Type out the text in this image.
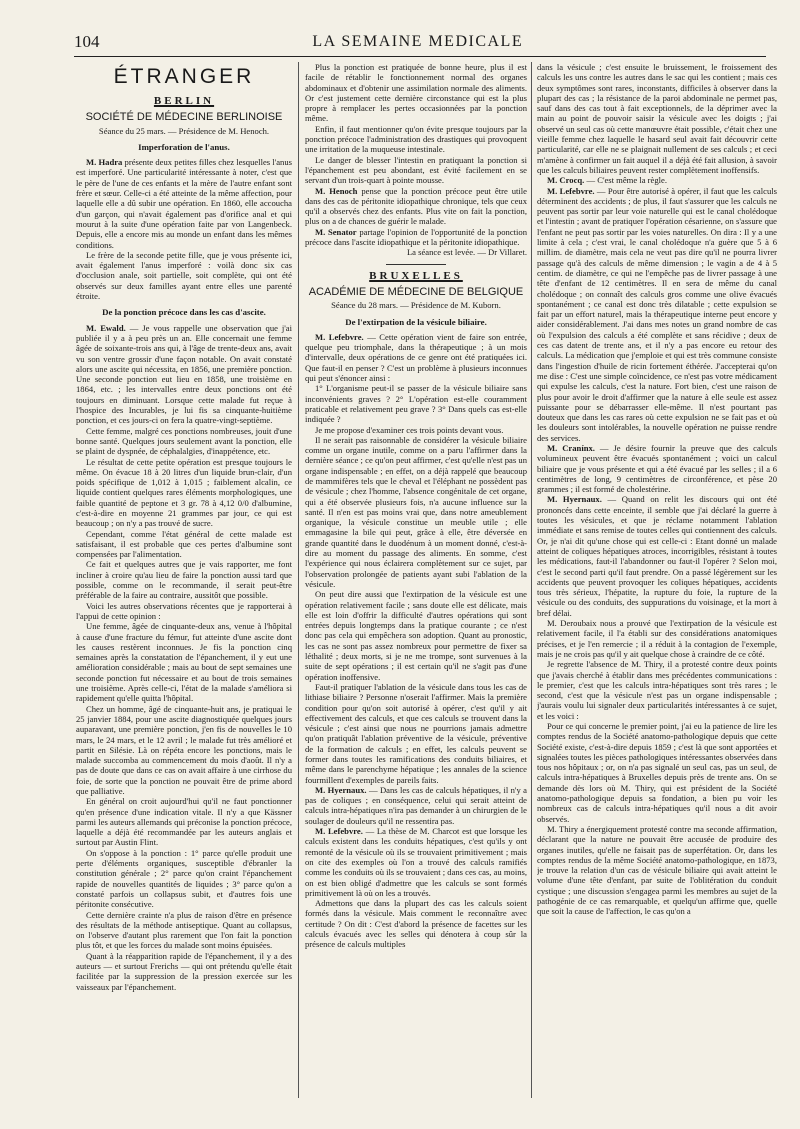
104	LA SEMAINE MEDICALE
ÉTRANGER
BERLIN
SOCIÉTÉ DE MÉDECINE BERLINOISE
Séance du 25 mars. — Présidence de M. Henoch.
Imperforation de l'anus.

M. Hadra présente deux petites filles chez lesquelles l'anus est imperforé. Une particularité intéressante à noter, c'est que le père de l'une de ces enfants et la mère de l'autre enfant sont frère et sœur. Celle-ci a été atteinte de la même affection, pour laquelle elle a dû subir une opération. En 1860, elle accoucha d'un garçon, qui n'avait également pas d'orifice anal et qui mourut à la suite d'une opération faite par von Langenbeck. Depuis, elle a encore mis au monde un enfant dans les mêmes conditions.

Le frère de la seconde petite fille, que je vous présente ici, avait également l'anus imperforé : voilà donc six cas d'occlusion anale, soit partielle, soit complète, qui ont été observés sur deux familles ayant entre elles une parenté étroite.

De la ponction précoce dans les cas d'ascite.

M. Ewald. — Je vous rappelle une observation que j'ai publiée il y a à peu près un an. Elle concernait une femme âgée de soixante-trois ans qui, à l'âge de trente-deux ans, avait vu son ventre grossir d'une façon notable. On avait constaté alors une ascite qui nécessita, en 1856, une première ponction. Une seconde ponction eut lieu en 1858, une troisième en 1864, etc. ; les intervalles entre deux ponctions ont été toujours en diminuant. Lorsque cette malade fut reçue à l'hospice des Incurables, je lui fis sa cinquante-huitième ponction, et ces jours-ci on fera la quatre-vingt-septième.

Cette femme, malgré ces ponctions nombreuses, jouit d'une bonne santé. Quelques jours seulement avant la ponction, elle se plaint de dyspnée, de céphalalgies, d'inappétence, etc.

Le résultat de cette petite opération est presque toujours le même. On évacue 18 à 20 litres d'un liquide brun-clair, d'un poids spécifique de 1,012 à 1,015 ; faiblement alcalin, ce liquide contient quelques rares éléments morphologiques, une faible quantité de peptone et 3 gr. 78 à 4,12 0/0 d'albumine, c'est-à-dire en moyenne 21 grammes par jour, ce qui est beaucoup ; on n'y a pas trouvé de sucre.

Cependant, comme l'état général de cette malade est satisfaisant, il est probable que ces pertes d'albumine sont compensées par l'alimentation.

Ce fait et quelques autres que je vais rapporter, me font incliner à croire qu'au lieu de faire la ponction aussi tard que possible, comme on le recommande, il serait peut-être préférable de la faire au contraire, aussitôt que possible.

Voici les autres observations récentes que je rapporterai à l'appui de cette opinion :

Une femme, âgée de cinquante-deux ans, venue à l'hôpital à cause d'une fracture du fémur, fut atteinte d'une ascite dont les causes restèrent inconnues. Je fis la ponction cinq semaines après la constatation de l'épanchement, il y eut une amélioration considérable ; mais au bout de sept semaines une seconde ponction fut nécessaire et au bout de trois semaines une troisième. Après celle-ci, l'état de la malade s'améliora si rapidement qu'elle quitta l'hôpital.

Chez un homme, âgé de cinquante-huit ans, je pratiquai le 25 janvier 1884, pour une ascite diagnostiquée quelques jours auparavant, une première ponction, j'en fis de nouvelles le 10 mars, le 24 mars, et le 12 avril ; le malade fut très amélioré et partit en Silésie. Là on répéta encore les ponctions, mais le malade succomba au commencement du mois d'août. Il n'y a pas de doute que dans ce cas on avait affaire à une cirrhose du foie, de sorte que la ponction ne pouvait être de prime abord que palliative.

En général on croit aujourd'hui qu'il ne faut ponctionner qu'en présence d'une indication vitale. Il n'y a que Kässner parmi les auteurs allemands qui préconise la ponction précoce, laquelle a déjà été recommandée par les auteurs anglais et surtout par Austin Flint.

On s'oppose à la ponction : 1° parce qu'elle produit une perte d'éléments organiques, susceptible d'ébranler la constitution générale ; 2° parce qu'on craint l'épanchement rapide de nouvelles quantités de liquides ; 3° parce qu'on a constaté parfois un collapsus subit, et d'autres fois une péritonite consécutive.

Cette dernière crainte n'a plus de raison d'être en présence des résultats de la méthode antiseptique. Quant au collapsus, on l'observe d'autant plus rarement que l'on fait la ponction plus tôt, et que les forces du malade sont moins épuisées.

Quant à la réapparition rapide de l'épanchement, il y a des auteurs — et surtout Frerichs — qui ont prétendu qu'elle était facilitée par la suppression de la pression exercée sur les vaisseaux par l'épanchement.

Plus la ponction est pratiquée de bonne heure, plus il est facile de rétablir le fonctionnement normal des organes abdominaux et d'obtenir une assimilation normale des aliments. Or c'est justement cette dernière circonstance qui est la plus propre à remplacer les pertes occasionnées par la ponction même.

Enfin, il faut mentionner qu'on évite presque toujours par la ponction précoce l'administration des drastiques qui provoquent une irritation de la muqueuse intestinale.

Le danger de blesser l'intestin en pratiquant la ponction si l'épanchement est peu abondant, est évité facilement en se servant d'un trois-quart à pointe mousse.

M. Henoch pense que la ponction précoce peut être utile dans des cas de péritonite idiopathique chronique, tels que ceux qu'il a observés chez des enfants. Plus vite on fait la ponction, plus on a de chances de guérir le malade.

M. Senator partage l'opinion de l'opportunité de la ponction précoce dans l'ascite idiopathique et la péritonite idiopathique.

La séance est levée. — Dr Villaret.

BRUXELLES
ACADÉMIE DE MÉDECINE DE BELGIQUE
Séance du 28 mars. — Présidence de M. Kuborn.
De l'extirpation de la vésicule biliaire.

M. Lefebvre. — Cette opération vient de faire son entrée, quelque peu triomphale, dans la thérapeutique ; à un mois d'intervalle, deux opérations de ce genre ont été pratiquées ici. Que faut-il en penser ? C'est un problème à plusieurs inconnues qui peut s'énoncer ainsi :

1° L'organisme peut-il se passer de la vésicule biliaire sans inconvénients graves ? 2° L'opération est-elle couramment praticable et relativement peu grave ? 3° Dans quels cas est-elle indiquée ?

Je me propose d'examiner ces trois points devant vous.

Il ne serait pas raisonnable de considérer la vésicule biliaire comme un organe inutile, comme on a paru l'affirmer dans la dernière séance ; ce qu'on peut affirmer, c'est qu'elle n'est pas un organe indispensable ; en effet, on a déjà rappelé que beaucoup de mammifères tels que le cheval et l'éléphant ne possèdent pas de vésicule ; chez l'homme, l'absence congénitale de cet organe, qui a été observée plusieurs fois, n'a aucune influence sur la santé. Il n'en est pas moins vrai que, dans notre ameublement organique, la vésicule constitue un meuble utile ; elle emmagasine la bile qui peut, grâce à elle, être déversée en grande quantité dans le duodénum à un moment donné, c'est-à-dire au moment du passage des aliments. En somme, c'est l'expérience qui nous éclairera complètement sur ce sujet, par l'observation prolongée de patients ayant subi l'ablation de la vésicule.

On peut dire aussi que l'extirpation de la vésicule est une opération relativement facile ; sans doute elle est délicate, mais elle est loin d'offrir la difficulté d'autres opérations qui sont entrées depuis longtemps dans la pratique courante ; ce n'est donc pas cela qui empêchera son adoption. Quant au pronostic, les cas ne sont pas assez nombreux pour permettre de fixer sa léthalité ; deux morts, si je ne me trompe, sont survenues à la suite de sept opérations ; il est certain qu'il ne s'agit pas d'une opération inoffensive.

Faut-il pratiquer l'ablation de la vésicule dans tous les cas de lithiase biliaire ? Personne n'oserait l'affirmer. Mais la première condition pour qu'on soit autorisé à opérer, c'est qu'il y ait effectivement des calculs, et que ces calculs se trouvent dans la vésicule ; c'est ainsi que nous ne pourrions jamais admettre qu'on pratiquât l'ablation préventive de la vésicule, préventive de la formation de calculs ; en effet, les calculs peuvent se former dans toutes les ramifications des conduits biliaires, et même dans le parenchyme hépatique ; les annales de la science fourmillent d'exemples de pareils faits.

M. Hyernaux. — Dans les cas de calculs hépatiques, il n'y a pas de coliques ; en conséquence, celui qui serait atteint de calculs intra-hépatiques n'ira pas demander à un chirurgien de le soulager de douleurs qu'il ne ressentira pas.

M. Lefebvre. — La thèse de M. Charcot est que lorsque les calculs existent dans les conduits hépatiques, c'est qu'ils y ont remonté de la vésicule où ils se trouvaient primitivement ; mais on cite des exemples où l'on a trouvé des calculs ramifiés comme les conduits où ils se trouvaient ; dans ces cas, au moins, on est bien obligé d'admettre que les calculs se sont formés primitivement là où on les a trouvés.

Admettons que dans la plupart des cas les calculs soient formés dans la vésicule. Mais comment le reconnaître avec certitude ? On dit : C'est d'abord la présence de facettes sur les calculs évacués avec les selles qui dénotera à coup sûr la présence de calculs multiples

dans la vésicule ; c'est ensuite le bruissement, le froissement des calculs les uns contre les autres dans le sac qui les contient ; mais ces deux symptômes sont rares, inconstants, difficiles à observer dans la plupart des cas ; la résistance de la paroi abdominale ne permet pas, sauf dans des cas tout à fait exceptionnels, de la déprimer avec la main au point de pouvoir saisir la vésicule avec les doigts ; j'ai observé un seul cas où cette manœuvre était possible, c'était chez une vieille femme chez laquelle le hasard seul avait fait découvrir cette particularité, car elle ne se plaignait nullement de ses calculs ; et ceci m'amène à confirmer un fait auquel il a déjà été fait allusion, à savoir que les calculs biliaires peuvent rester complètement inoffensifs.

M. Crocq. — C'est même la règle.

M. Lefebvre. — Pour être autorisé à opérer, il faut que les calculs déterminent des accidents ; de plus, il faut s'assurer que les calculs ne peuvent pas sortir par leur voie naturelle qui est le canal cholédoque et l'intestin ; avant de pratiquer l'opération césarienne, on s'assure que l'enfant ne peut pas sortir par les voies naturelles. On dira : Il y a une limite à cela ; c'est vrai, le canal cholédoque n'a guère que 5 à 6 millim. de diamètre, mais cela ne veut pas dire qu'il ne pourra livrer passage qu'à des calculs de même dimension ; le vagin a de 4 à 5 centim. de diamètre, ce qui ne l'empêche pas de livrer passage à une tête d'enfant de 12 centimètres. Il en sera de même du canal cholédoque ; on connaît des calculs gros comme une olive évacués spontanément ; ce canal est donc très dilatable ; cette expulsion se fait par un effort naturel, mais la thérapeutique interne peut encore y aider considérablement. J'ai dans mes notes un grand nombre de cas où l'expulsion des calculs a été complète et sans récidive ; deux de ces cas datent de trente ans, et il n'y a pas encore eu retour des calculs. La médication que j'emploie et qui est très commune consiste dans l'ingestion d'huile de ricin fortement éthérée. J'accepterai qu'on me dise : C'est une simple coïncidence, ce n'est pas votre médicament qui expulse les calculs, c'est la nature. Fort bien, c'est une raison de plus pour avoir le droit d'affirmer que la nature à elle seule est assez puissante pour se débarrasser elle-même. Il n'est pourtant pas douteux que dans les cas rares où cette expulsion ne se fait pas et où les douleurs sont intolérables, la nouvelle opération ne puisse rendre des services.

M. Cranínx. — Je désire fournir la preuve que des calculs volumineux peuvent être évacués spontanément ; voici un calcul biliaire que je vous présente et qui a été évacué par les selles ; il a 6 centimètres de long, 9 centimètres de circonférence, et pèse 20 grammes ; il est formé de cholestérine.

M. Hyernaux. — Quand on relit les discours qui ont été prononcés dans cette enceinte, il semble que j'ai déclaré la guerre à toutes les vésicules, et que je réclame notamment l'ablation immédiate et sans remise de toutes celles qui contiennent des calculs. Or, je n'ai dit qu'une chose qui est celle-ci : Etant donné un malade atteint de coliques hépatiques atroces, incorrigibles, résistant à toutes les médications, faut-il l'abandonner ou faut-il l'opérer ? Selon moi, c'est le second parti qu'il faut prendre. On a passé légèrement sur les accidents que peuvent provoquer les coliques hépatiques, accidents tous très sérieux, l'hépatite, la rupture du foie, la rupture de la vésicule ou des conduits, des suppurations du voisinage, et la mort à bref délai.

M. Deroubaix nous a prouvé que l'extirpation de la vésicule est relativement facile, il l'a établi sur des considérations anatomiques précises, et je l'en remercie ; il a réduit à la contagion de l'exemple, mais je ne crois pas qu'il y ait quelque chose à craindre de ce côté.

Je regrette l'absence de M. Thiry, il a protesté contre deux points que j'avais cherché à établir dans mes précédentes communications : le premier, c'est que les calculs intra-hépatiques sont très rares ; le second, c'est que la vésicule n'est pas un organe indispensable ; j'aurais voulu lui signaler deux particularités intéressantes à ce sujet, et les voici :

Pour ce qui concerne le premier point, j'ai eu la patience de lire les comptes rendus de la Société anatomo-pathologique depuis que cette Société existe, c'est-à-dire depuis 1859 ; c'est là que sont apportées et signalées toutes les pièces pathologiques intéressantes observées dans tous nos hôpitaux ; or, on n'a pas signalé un seul cas, pas un seul, de calculs intra-hépatiques à Bruxelles depuis près de trente ans. On se demande dès lors où M. Thiry, qui est président de la Société anatomo-pathologique depuis sa fondation, a bien pu voir les nombreux cas de calculs intra-hépatiques qu'il nous a dit avoir observés.

M. Thiry a énergiquement protesté contre ma seconde affirmation, déclarant que la nature ne pouvait être accusée de produire des organes inutiles, qu'elle ne faisait pas de superfétation. Or, dans les comptes rendus de la même Société anatomo-pathologique, en 1873, je trouve la relation d'un cas de vésicule biliaire qui avait atteint le volume d'une tête d'enfant, par suite de l'oblitération du conduit cystique ; une discussion s'engagea parmi les membres au sujet de la pathogénie de ce cas remarquable, et quelqu'un affirme que, quelle que soit la cause de l'affection, le cas qu'on a
